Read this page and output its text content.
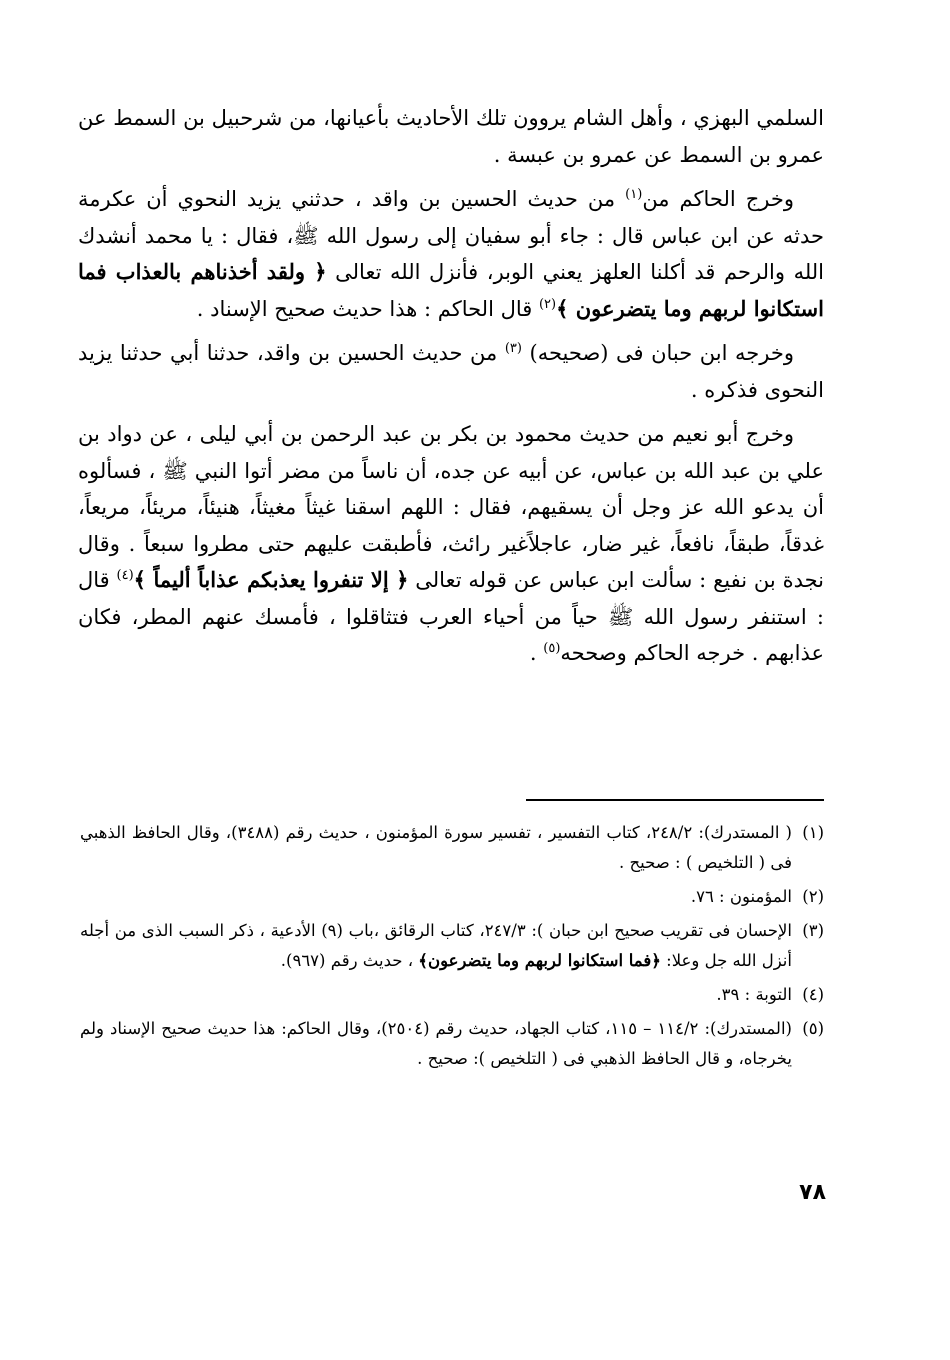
السلمي البهزي ، وأهل الشام يروون تلك الأحاديث بأعيانها، من شرحبيل بن السمط عن عمرو بن السمط عن عمرو بن عبسة .

وخرج الحاكم من$^{(١)}$ من حديث الحسين بن واقد ، حدثني يزيد النحوي أن عكرمة حدثه عن ابن عباس قال : جاء أبو سفيان إلى رسول الله ﷺ، فقال : يا محمد أنشدك الله والرحم قد أكلنا العلهز يعني الوبر، فأنزل الله تعالى ﴿ ولقد أخذناهم بالعذاب فما استكانوا لربهم وما يتضرعون ﴾$^{(٢)}$ قال الحاكم : هذا حديث صحيح الإسناد .

وخرجه ابن حبان فى (صحيحه) $^{(٣)}$ من حديث الحسين بن واقد، حدثنا أبي حدثنا يزيد النحوى فذكره .

وخرج أبو نعيم من حديث محمود بن بكر بن عبد الرحمن بن أبي ليلى ، عن دواد بن علي بن عبد الله بن عباس، عن أبيه عن جده، أن ناساً من مضر أتوا النبي ﷺ ، فسألوه أن يدعو الله عز وجل أن يسقيهم، فقال : اللهم اسقنا غيثاً مغيثاً، هنيئاً، مريئاً، مريعاً، غدقاً، طبقاً، نافعاً، غير ضار، عاجلاًغير رائث، فأطبقت عليهم حتى مطروا سبعاً . وقال نجدة بن نفيع : سألت ابن عباس عن قوله تعالى ﴿ إلا تنفروا يعذبكم عذاباً أليماً ﴾$^{(٤)}$ قال : استنفر رسول الله ﷺ حياً من أحياء العرب فتثاقلوا ، فأمسك عنهم المطر، فكان عذابهم . خرجه الحاكم وصححه$^{(٥)}$ .

(١)
( المستدرك): ٢٤٨/٢، كتاب التفسير ، تفسير سورة المؤمنون ، حديث رقم (٣٤٨٨)، وقال الحافظ الذهبي فى ( التلخيص ) : صحيح .
(٢)
المؤمنون : ٧٦.
(٣)
الإحسان فى تقريب صحيح ابن حبان ): ٢٤٧/٣، كتاب الرقائق ،باب (٩) الأدعية ، ذكر السبب الذى من أجله أنزل الله جل وعلا: ﴿فما استكانوا لربهم وما يتضرعون﴾ ، حديث رقم (٩٦٧).
(٤)
التوبة : ٣٩.
(٥)
(المستدرك): ١١٤/٢ – ١١٥، كتاب الجهاد، حديث رقم (٢٥٠٤)، وقال الحاكم: هذا حديث صحيح الإسناد ولم يخرجاه، و قال الحافظ الذهبي فى ( التلخيص ): صحيح .
٧٨
